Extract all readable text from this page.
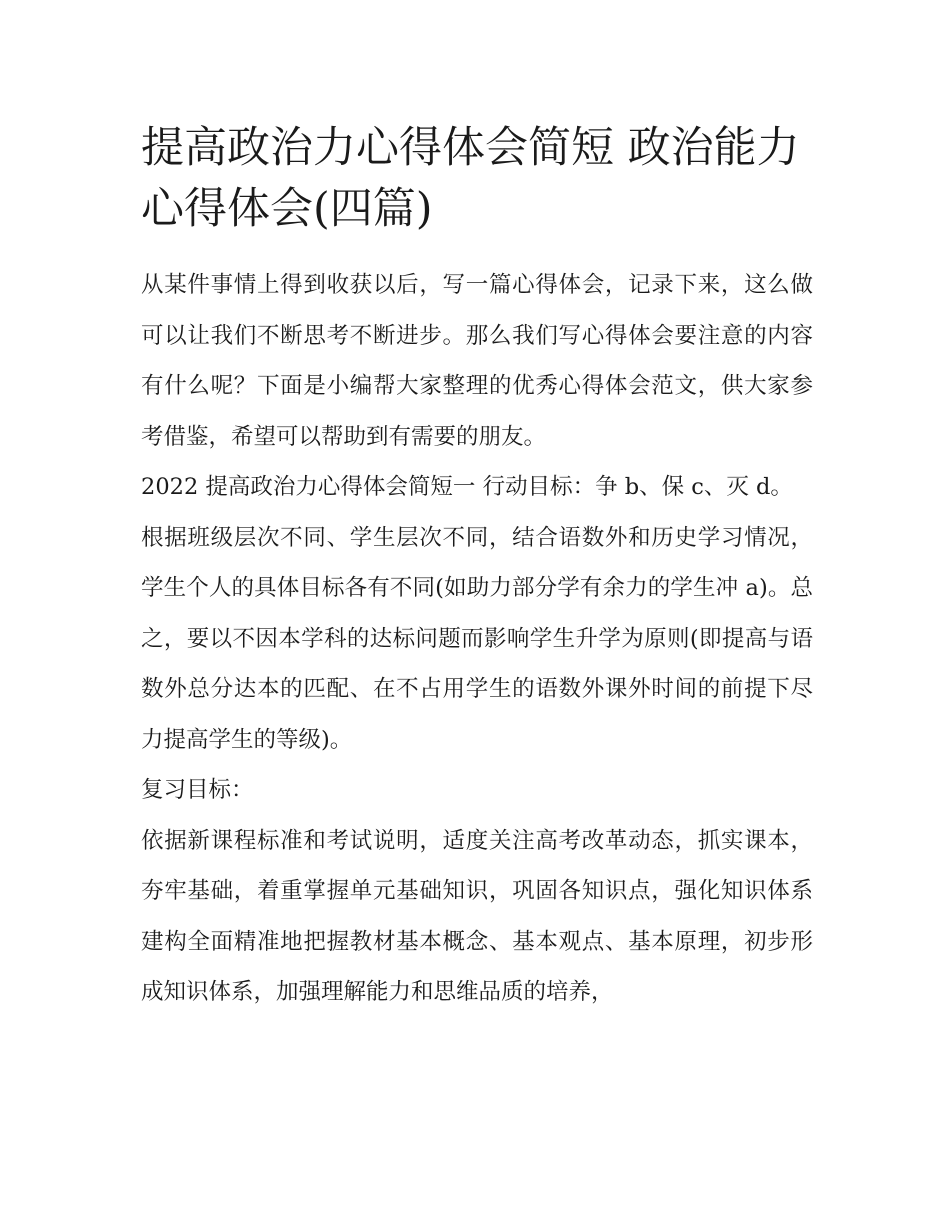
提高政治力心得体会简短 政治能力心得体会(四篇)

从某件事情上得到收获以后，写一篇心得体会，记录下来，这么做可以让我们不断思考不断进步。那么我们写心得体会要注意的内容有什么呢？下面是小编帮大家整理的优秀心得体会范文，供大家参考借鉴，希望可以帮助到有需要的朋友。

2022 提高政治力心得体会简短一 行动目标：争 b、保 c、灭 d。

根据班级层次不同、学生层次不同，结合语数外和历史学习情况，学生个人的具体目标各有不同(如助力部分学有余力的学生冲 a)。总之，要以不因本学科的达标问题而影响学生升学为原则(即提高与语数外总分达本的匹配、在不占用学生的语数外课外时间的前提下尽力提高学生的等级)。

复习目标：

依据新课程标准和考试说明，适度关注高考改革动态，抓实课本，夯牢基础，着重掌握单元基础知识，巩固各知识点，强化知识体系建构全面精准地把握教材基本概念、基本观点、基本原理，初步形成知识体系，加强理解能力和思维品质的培养，
